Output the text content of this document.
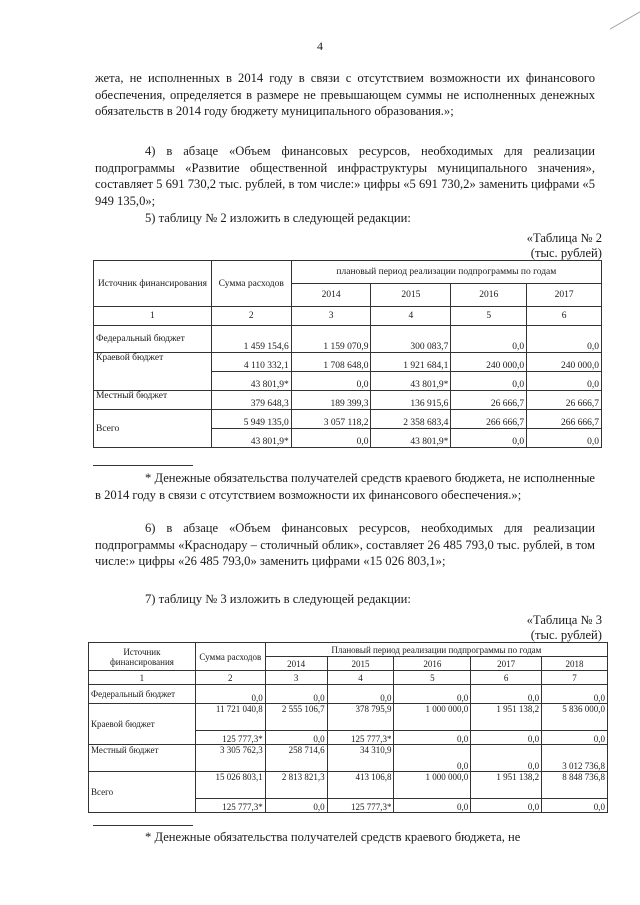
4

жета, не исполненных в 2014 году в связи с отсутствием возможности их финансового обеспечения, определяется в размере не превышающем суммы не исполненных денежных обязательств в 2014 году бюджету муниципального образования.»;

4) в абзаце «Объем финансовых ресурсов, необходимых для реализации подпрограммы «Развитие общественной инфраструктуры муниципального значения», составляет 5 691 730,2 тыс. рублей, в том числе:» цифры «5 691 730,2» заменить цифрами «5 949 135,0»;

5) таблицу № 2 изложить в следующей редакции:

«Таблица № 2
(тыс. рублей)
Источник финансирования	Сумма расходов	плановый период реализации подпрограммы по годам			
		2014	2015	2016	2017
1	2	3	4	5	6
Федеральный бюджет	1 459 154,6	1 159 070,9	300 083,7	0,0	0,0
Краевой бюджет	4 110 332,1	1 708 648,0	1 921 684,1	240 000,0	240 000,0
	43 801,9*	0,0	43 801,9*	0,0	0,0
Местный бюджет	379 648,3	189 399,3	136 915,6	26 666,7	26 666,7
Всего	5 949 135,0	3 057 118,2	2 358 683,4	266 666,7	266 666,7
	43 801,9*	0,0	43 801,9*	0,0	0,0

* Денежные обязательства получателей средств краевого бюджета, не исполненные в 2014 году в связи с отсутствием возможности их финансового обеспечения.»;

6) в абзаце «Объем финансовых ресурсов, необходимых для реализации подпрограммы «Краснодару – столичный облик», составляет 26 485 793,0 тыс. рублей, в том числе:» цифры «26 485 793,0» заменить цифрами «15 026 803,1»;

7) таблицу № 3 изложить в следующей редакции:

«Таблица № 3
(тыс. рублей)
Источник финансирования	Сумма расходов	Плановый период реализации подпрограммы по годам				
		2014	2015	2016	2017	2018
1	2	3	4	5	6	7
Федеральный бюджет	0,0	0,0	0,0	0,0	0,0	0,0
Краевой бюджет	11 721 040,8	2 555 106,7	378 795,9	1 000 000,0	1 951 138,2	5 836 000,0
	125 777,3*	0,0	125 777,3*	0,0	0,0	0,0
Местный бюджет	3 305 762,3	258 714,6	34 310,9	0,0	0,0	3 012 736,8
Всего	15 026 803,1	2 813 821,3	413 106,8	1 000 000,0	1 951 138,2	8 848 736,8
	125 777,3*	0,0	125 777,3*	0,0	0,0	0,0

* Денежные обязательства получателей средств краевого бюджета, не
